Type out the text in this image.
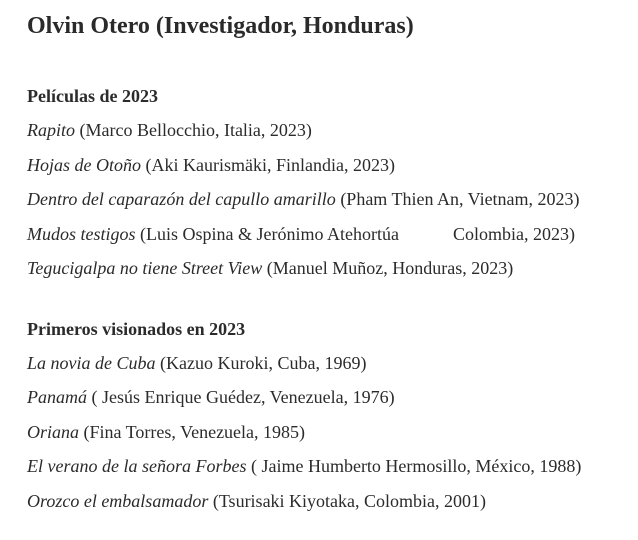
Olvin Otero (Investigador, Honduras)
Películas de 2023
Rapito (Marco Bellocchio, Italia, 2023)
Hojas de Otoño (Aki Kaurismäki, Finlandia, 2023)
Dentro del caparazón del capullo amarillo (Pham Thien An, Vietnam, 2023)
Mudos testigos (Luis Ospina & Jerónimo Atehortúa            Colombia, 2023)
Tegucigalpa no tiene Street View (Manuel Muñoz, Honduras, 2023)
Primeros visionados en 2023
La novia de Cuba (Kazuo Kuroki, Cuba, 1969)
Panamá ( Jesús Enrique Guédez, Venezuela, 1976)
Oriana (Fina Torres, Venezuela, 1985)
El verano de la señora Forbes ( Jaime Humberto Hermosillo, México, 1988)
Orozco el embalsamador (Tsurisaki Kiyotaka, Colombia, 2001)
